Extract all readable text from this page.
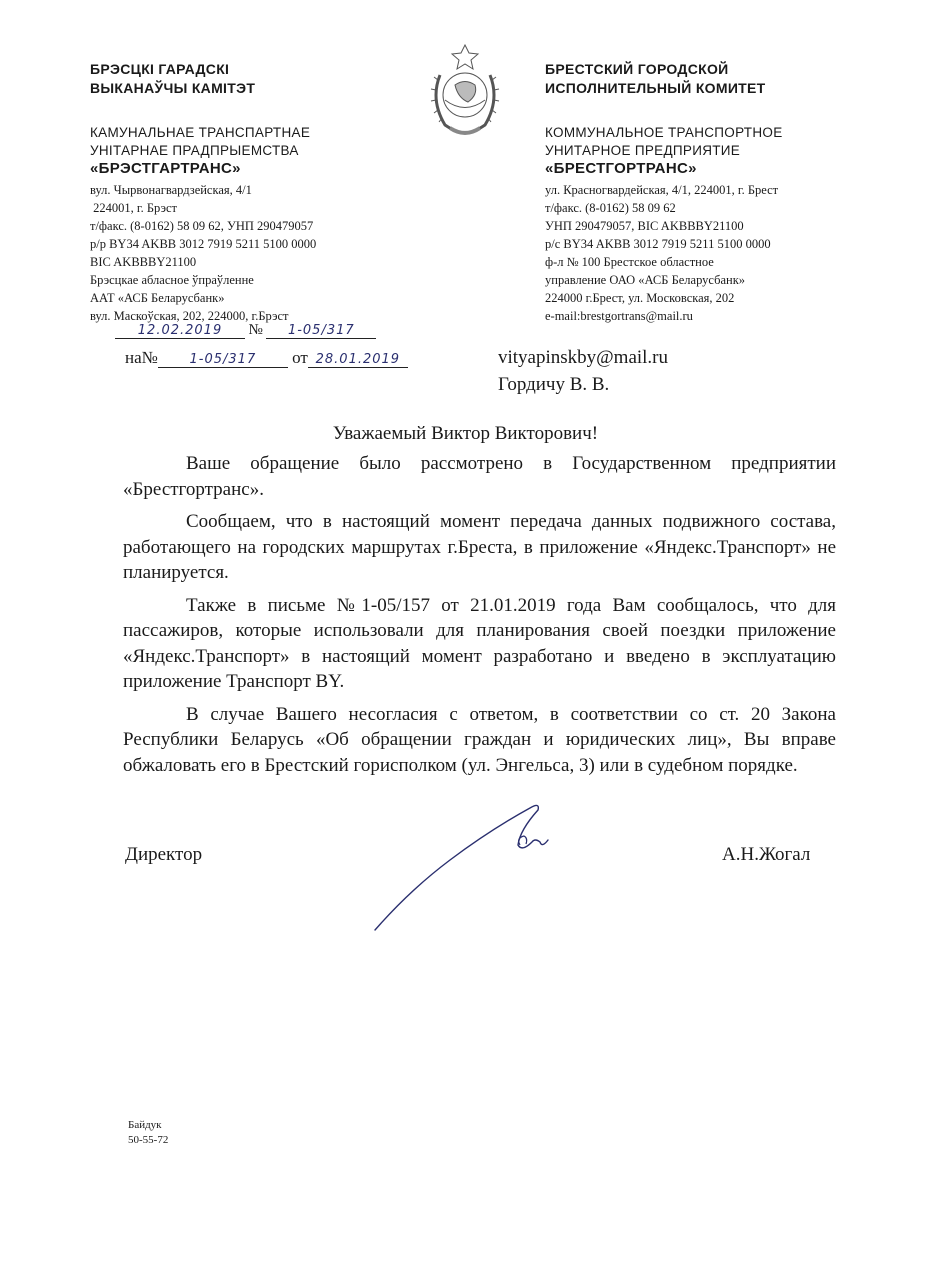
БРЭСЦКІ ГАРАДСКІ
ВЫКАНАЎЧЫ КАМІТЭТ
БРЕСТСКИЙ ГОРОДСКОЙ
ИСПОЛНИТЕЛЬНЫЙ КОМИТЕТ
КАМУНАЛЬНАЕ ТРАНСПАРТНАЕ
УНІТАРНАЕ ПРАДПРЫЕМСТВА
«БРЭСТГАРТРАНС»
вул. Чырвонагвардзейская, 4/1
224001, г. Брэст
т/факс. (8-0162) 58 09 62, УНП 290479057
р/р BY34 AKBB 3012 7919 5211 5100 0000
BIC AKBBBY21100
Брэсцкае абласное ўпраўленне
ААТ «АСБ Беларусбанк»
вул. Маскоўская, 202, 224000, г.Брэст
КОММУНАЛЬНОЕ ТРАНСПОРТНОЕ
УНИТАРНОЕ ПРЕДПРИЯТИЕ
«БРЕСТГОРТРАНС»
ул. Красногвардейская, 4/1, 224001, г. Брест
т/факс. (8-0162) 58 09 62
УНП 290479057, BIC AKBBBY21100
р/с BY34 AKBB 3012 7919 5211 5100 0000
ф-л № 100 Брестское областное
управление ОАО «АСБ Беларусбанк»
224000 г.Брест, ул. Московская, 202
e-mail:brestgortrans@mail.ru
12.02.2019 № 1-05/317
на№ 1-05/317 от 28.01.2019	vityapinskby@mail.ru
Гордичу В. В.
Уважаемый Виктор Викторович!

Ваше обращение было рассмотрено в Государственном предприятии «Брестгортранс».

Сообщаем, что в настоящий момент передача данных подвижного состава, работающего на городских маршрутах г.Бреста, в приложение «Яндекс.Транспорт» не планируется.

Также в письме №1-05/157 от 21.01.2019 года Вам сообщалось, что для пассажиров, которые использовали для планирования своей поездки приложение «Яндекс.Транспорт» в настоящий момент разработано и введено в эксплуатацию приложение Транспорт BY.

В случае Вашего несогласия с ответом, в соответствии со ст. 20 Закона Республики Беларусь «Об обращении граждан и юридических лиц», Вы вправе обжаловать его в Брестский горисполком (ул. Энгельса, 3) или в судебном порядке.

Директор	А.Н.Жогал
Байдук
50-55-72
